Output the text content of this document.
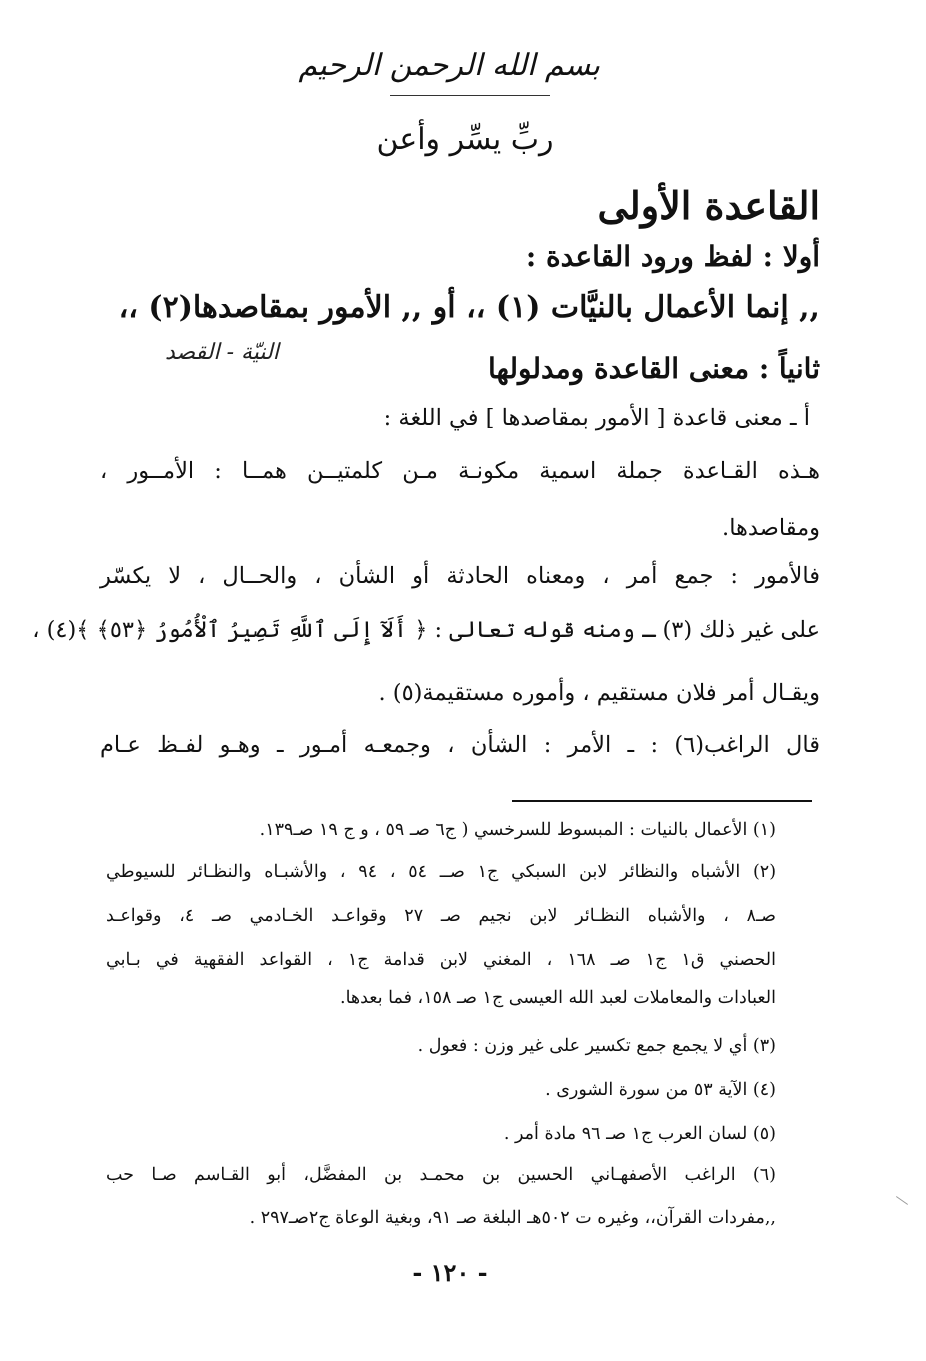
بسم الله الرحمن الرحيم
ربِّ يسِّر وأعن
القاعدة الأولى
أولا : لفظ ورود القاعدة :
,, إنما الأعمال بالنيَّات (١) ،، أو ,, الأمور بمقاصدها(٢) ،،
النيّة - القصد	ثانياً : معنى القاعدة ومدلولها
أ ـ معنى قاعدة [ الأمور بمقاصدها ] في اللغة :
هـذه القـاعدة جملة اسمية مكونـة مـن كلمتيــن همــا : الأمــور ،
ومقاصدها.
فالأمور : جمع أمر ، ومعناه الحادثة أو الشأن ، والحــال ، لا يكسّر
على غير ذلك (٣) ـ ومنه قوله تعالى : ﴿ أَلَآ إِلَى ٱللَّهِ تَصِيرُ ٱلْأُمُورُ ﴿٥٣﴾ ﴾(٤) ،
ويقـال أمر فلان مستقيم ، وأموره مستقيمة(٥) .
قال الراغب(٦) : ـ الأمر : الشأن ، وجمعـه أمـور ـ وهـو لفـظ عـام
(١) الأعمال بالنيات : المبسوط للسرخسي ( ج٦ صـ ٥٩ ، و ج ١٩ صـ١٣٩.
(٢) الأشباه والنظائر لابن السبكي ج١ صــ ٥٤ ، ٩٤ ، والأشبـاه والنظـائر للسيوطي
صـ٨ ، والأشباه النظـائر لابن نجيم صـ ٢٧ وقواعـد الخـادمي صـ ٤، وقواعـد
الحصني ق١ ج١ صـ ١٦٨ ، المغني لابن قدامة ج١ ، القواعد الفقهية في بـابي
العبادات والمعاملات لعبد الله العيسى ج١ صـ ١٥٨، فما بعدها.
(٣) أي لا يجمع جمع تكسير على غير وزن : فعول .
(٤) الآية ٥٣ من سورة الشورى .
(٥) لسان العرب ج١ صـ ٩٦ مادة أمر .
(٦) الراغب الأصفهـاني الحسين بن محمـد بن المفضَّل، أبو القـاسم صـا حب
,,مفردات القرآن،، وغيره ت ٥٠٢هـ البلغة صـ ٩١، وبغية الوعاة ج٢صـ٢٩٧ .
- ١٢٠ -
